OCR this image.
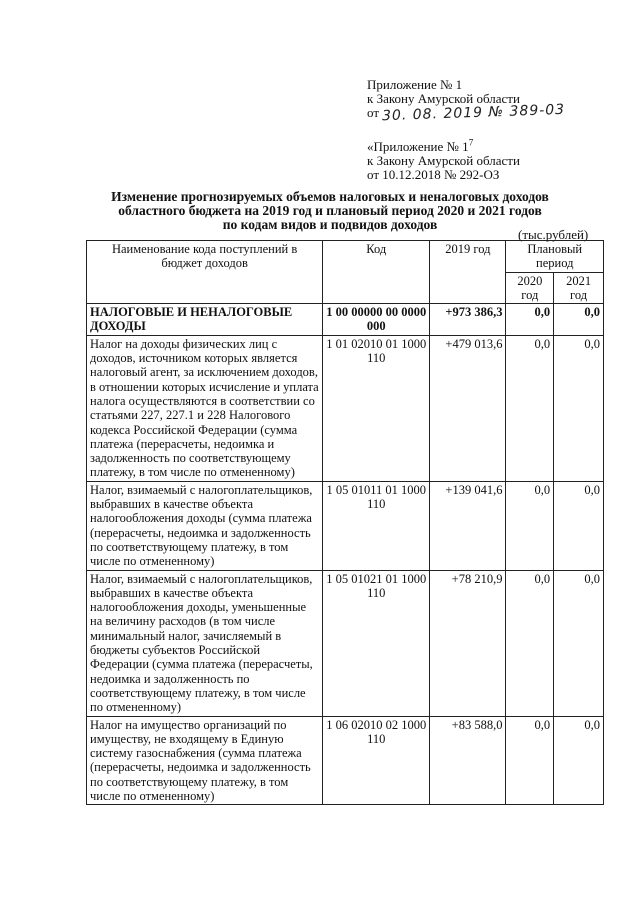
Приложение № 1
к Закону Амурской области
от 30. 08. 2019 № 389-03
«Приложение № $1^7$
к Закону Амурской области
от 10.12.2018 № 292-ОЗ
Изменение прогнозируемых объемов налоговых и неналоговых доходов
областного бюджета на 2019 год и плановый период 2020 и 2021 годов
по кодам видов и подвидов доходов
(тыс.рублей)
Наименование кода поступлений в бюджет доходов	Код	2019 год	Плановый период	
			2020 год	2021 год
НАЛОГОВЫЕ И НЕНАЛОГОВЫЕ ДОХОДЫ	1 00 00000 00 0000 000	+973 386,3	0,0	0,0
Налог на доходы физических лиц с доходов, источником которых является налоговый агент, за исключением доходов, в отношении которых исчисление и уплата налога осуществляются в соответствии со статьями 227, 227.1 и 228 Налогового кодекса Российской Федерации (сумма платежа (перерасчеты, недоимка и задолженность по соответствующему платежу, в том числе по отмененному)	1 01 02010 01 1000 110	+479 013,6	0,0	0,0
Налог, взимаемый с налогоплательщиков, выбравших в качестве объекта налогообложения доходы (сумма платежа (перерасчеты, недоимка и задолженность по соответствующему платежу, в том числе по отмененному)	1 05 01011 01 1000 110	+139 041,6	0,0	0,0
Налог, взимаемый с налогоплательщиков, выбравших в качестве объекта налогообложения доходы, уменьшенные на величину расходов (в том числе минимальный налог, зачисляемый в бюджеты субъектов Российской Федерации (сумма платежа (перерасчеты, недоимка и задолженность по соответствующему платежу, в том числе по отмененному)	1 05 01021 01 1000 110	+78 210,9	0,0	0,0
Налог на имущество организаций по имуществу, не входящему в Единую систему газоснабжения (сумма платежа (перерасчеты, недоимка и задолженность по соответствующему платежу, в том числе по отмененному)	1 06 02010 02 1000 110	+83 588,0	0,0	0,0
